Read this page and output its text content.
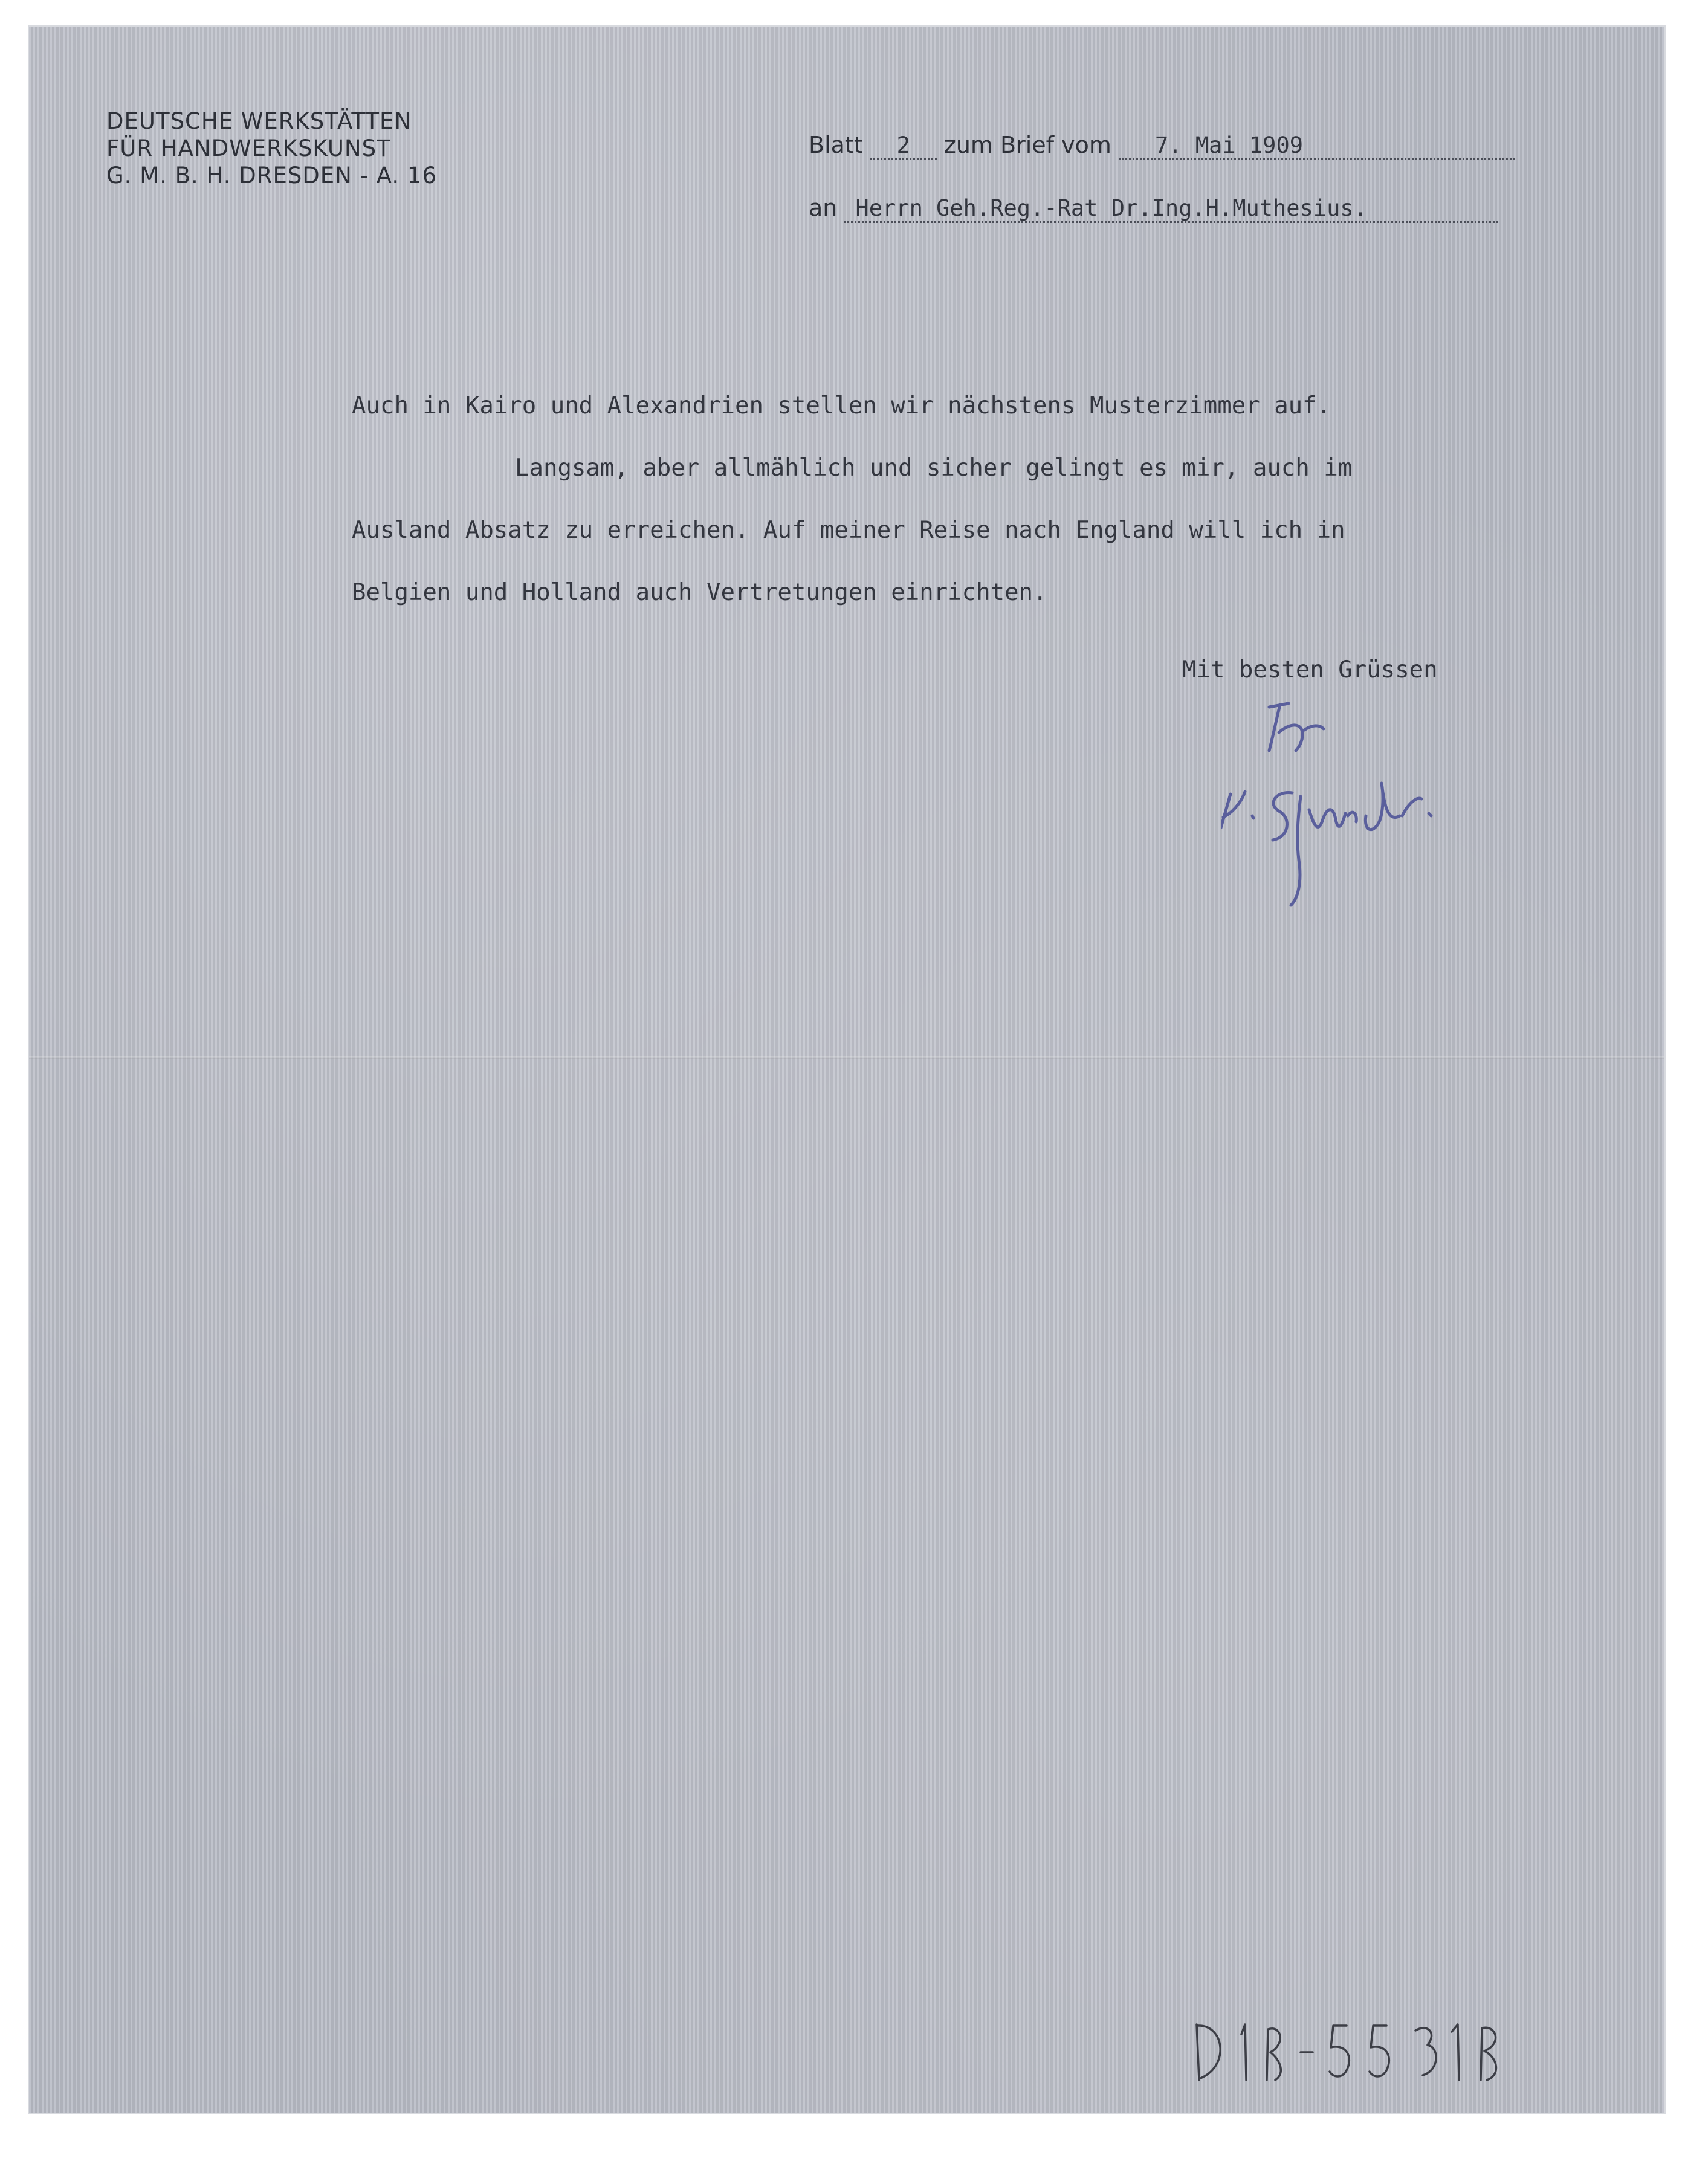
DEUTSCHE WERKSTÄTTEN
FÜR HANDWERKSKUNST
G. M. B. H. DRESDEN - A. 16
Blatt 2 zum Brief vom 7. Mai 1909
an Herrn Geh.Reg.-Rat Dr.Ing.H.Muthesius.

Auch in Kairo und Alexandrien stellen wir nächstens Musterzimmer auf.

Langsam, aber allmählich und sicher gelingt es mir, auch im

Ausland Absatz zu erreichen. Auf meiner Reise nach England will ich in

Belgien und Holland auch Vertretungen einrichten.

Mit besten Grüssen
